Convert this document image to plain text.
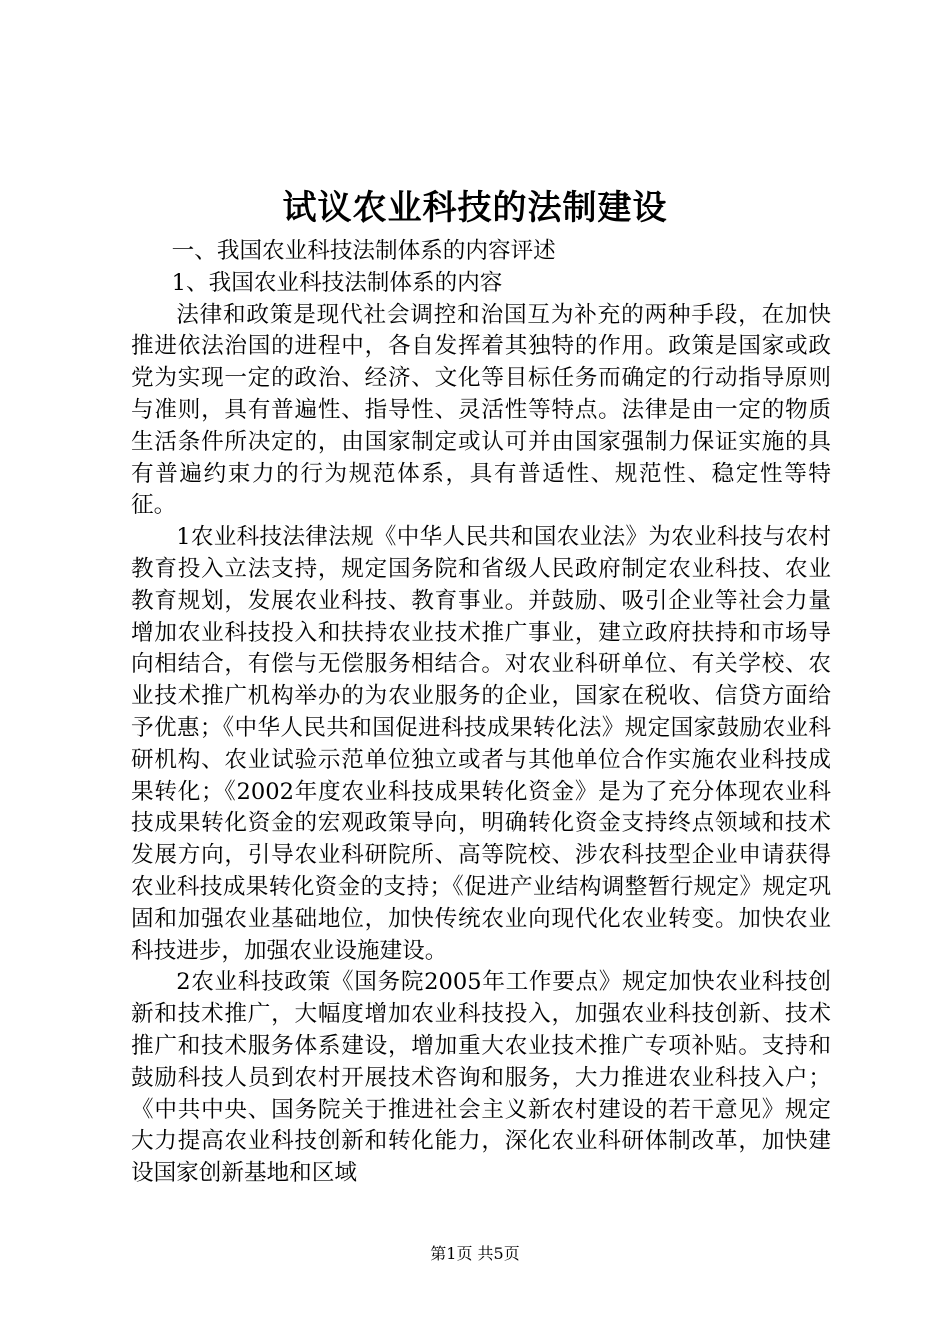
试议农业科技的法制建设

一、我国农业科技法制体系的内容评述

1、我国农业科技法制体系的内容

法律和政策是现代社会调控和治国互为补充的两种手段，在加快推进依法治国的进程中，各自发挥着其独特的作用。政策是国家或政党为实现一定的政治、经济、文化等目标任务而确定的行动指导原则与准则，具有普遍性、指导性、灵活性等特点。法律是由一定的物质生活条件所决定的，由国家制定或认可并由国家强制力保证实施的具有普遍约束力的行为规范体系，具有普适性、规范性、稳定性等特征。

1农业科技法律法规《中华人民共和国农业法》为农业科技与农村教育投入立法支持，规定国务院和省级人民政府制定农业科技、农业教育规划，发展农业科技、教育事业。并鼓励、吸引企业等社会力量增加农业科技投入和扶持农业技术推广事业，建立政府扶持和市场导向相结合，有偿与无偿服务相结合。对农业科研单位、有关学校、农业技术推广机构举办的为农业服务的企业，国家在税收、信贷方面给予优惠；《中华人民共和国促进科技成果转化法》规定国家鼓励农业科研机构、农业试验示范单位独立或者与其他单位合作实施农业科技成果转化；《2002年度农业科技成果转化资金》是为了充分体现农业科技成果转化资金的宏观政策导向，明确转化资金支持终点领域和技术发展方向，引导农业科研院所、高等院校、涉农科技型企业申请获得农业科技成果转化资金的支持；《促进产业结构调整暂行规定》规定巩固和加强农业基础地位，加快传统农业向现代化农业转变。加快农业科技进步，加强农业设施建设。

2农业科技政策《国务院2005年工作要点》规定加快农业科技创新和技术推广，大幅度增加农业科技投入，加强农业科技创新、技术推广和技术服务体系建设，增加重大农业技术推广专项补贴。支持和鼓励科技人员到农村开展技术咨询和服务，大力推进农业科技入户；《中共中央、国务院关于推进社会主义新农村建设的若干意见》规定大力提高农业科技创新和转化能力，深化农业科研体制改革，加快建设国家创新基地和区域

第1页 共5页
